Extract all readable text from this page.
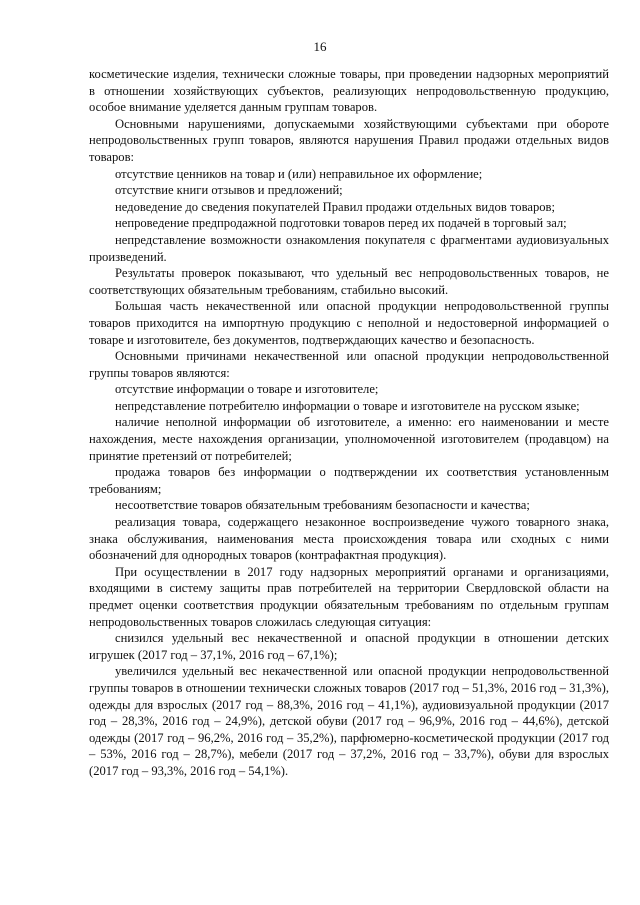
16

косметические изделия, технически сложные товары, при проведении надзорных мероприятий в отношении хозяйствующих субъектов, реализующих непродовольственную продукцию, особое внимание уделяется данным группам товаров.

Основными нарушениями, допускаемыми хозяйствующими субъектами при обороте непродовольственных групп товаров, являются нарушения Правил продажи отдельных видов товаров:

отсутствие ценников на товар и (или) неправильное их оформление;

отсутствие книги отзывов и предложений;

недоведение до сведения покупателей Правил продажи отдельных видов товаров;

непроведение предпродажной подготовки товаров перед их подачей в торговый зал;

непредставление возможности ознакомления покупателя с фрагментами аудиовизуальных произведений.

Результаты проверок показывают, что удельный вес непродовольственных товаров, не соответствующих обязательным требованиям, стабильно высокий.

Большая часть некачественной или опасной продукции непродовольственной группы товаров приходится на импортную продукцию с неполной и недостоверной информацией о товаре и изготовителе, без документов, подтверждающих качество и безопасность.

Основными причинами некачественной или опасной продукции непродовольственной группы товаров являются:

отсутствие информации о товаре и изготовителе;

непредставление потребителю информации о товаре и изготовителе на русском языке;

наличие неполной информации об изготовителе, а именно: его наименовании и месте нахождения, месте нахождения организации, уполномоченной изготовителем (продавцом) на принятие претензий от потребителей;

продажа товаров без информации о подтверждении их соответствия установленным требованиям;

несоответствие товаров обязательным требованиям безопасности и качества;

реализация товара, содержащего незаконное воспроизведение чужого товарного знака, знака обслуживания, наименования места происхождения товара или сходных с ними обозначений для однородных товаров (контрафактная продукция).

При осуществлении в 2017 году надзорных мероприятий органами и организациями, входящими в систему защиты прав потребителей на территории Свердловской области на предмет оценки соответствия продукции обязательным требованиям по отдельным группам непродовольственных товаров сложилась следующая ситуация:

снизился удельный вес некачественной и опасной продукции в отношении детских игрушек (2017 год – 37,1%, 2016 год – 67,1%);

увеличился удельный вес некачественной или опасной продукции непродовольственной группы товаров в отношении технически сложных товаров (2017 год – 51,3%, 2016 год – 31,3%), одежды для взрослых (2017 год – 88,3%, 2016 год – 41,1%), аудиовизуальной продукции (2017 год – 28,3%, 2016 год – 24,9%), детской обуви (2017 год – 96,9%, 2016 год – 44,6%), детской одежды (2017 год – 96,2%, 2016 год – 35,2%), парфюмерно-косметической продукции (2017 год – 53%, 2016 год – 28,7%), мебели (2017 год – 37,2%, 2016 год – 33,7%), обуви для взрослых (2017 год – 93,3%, 2016 год – 54,1%).
